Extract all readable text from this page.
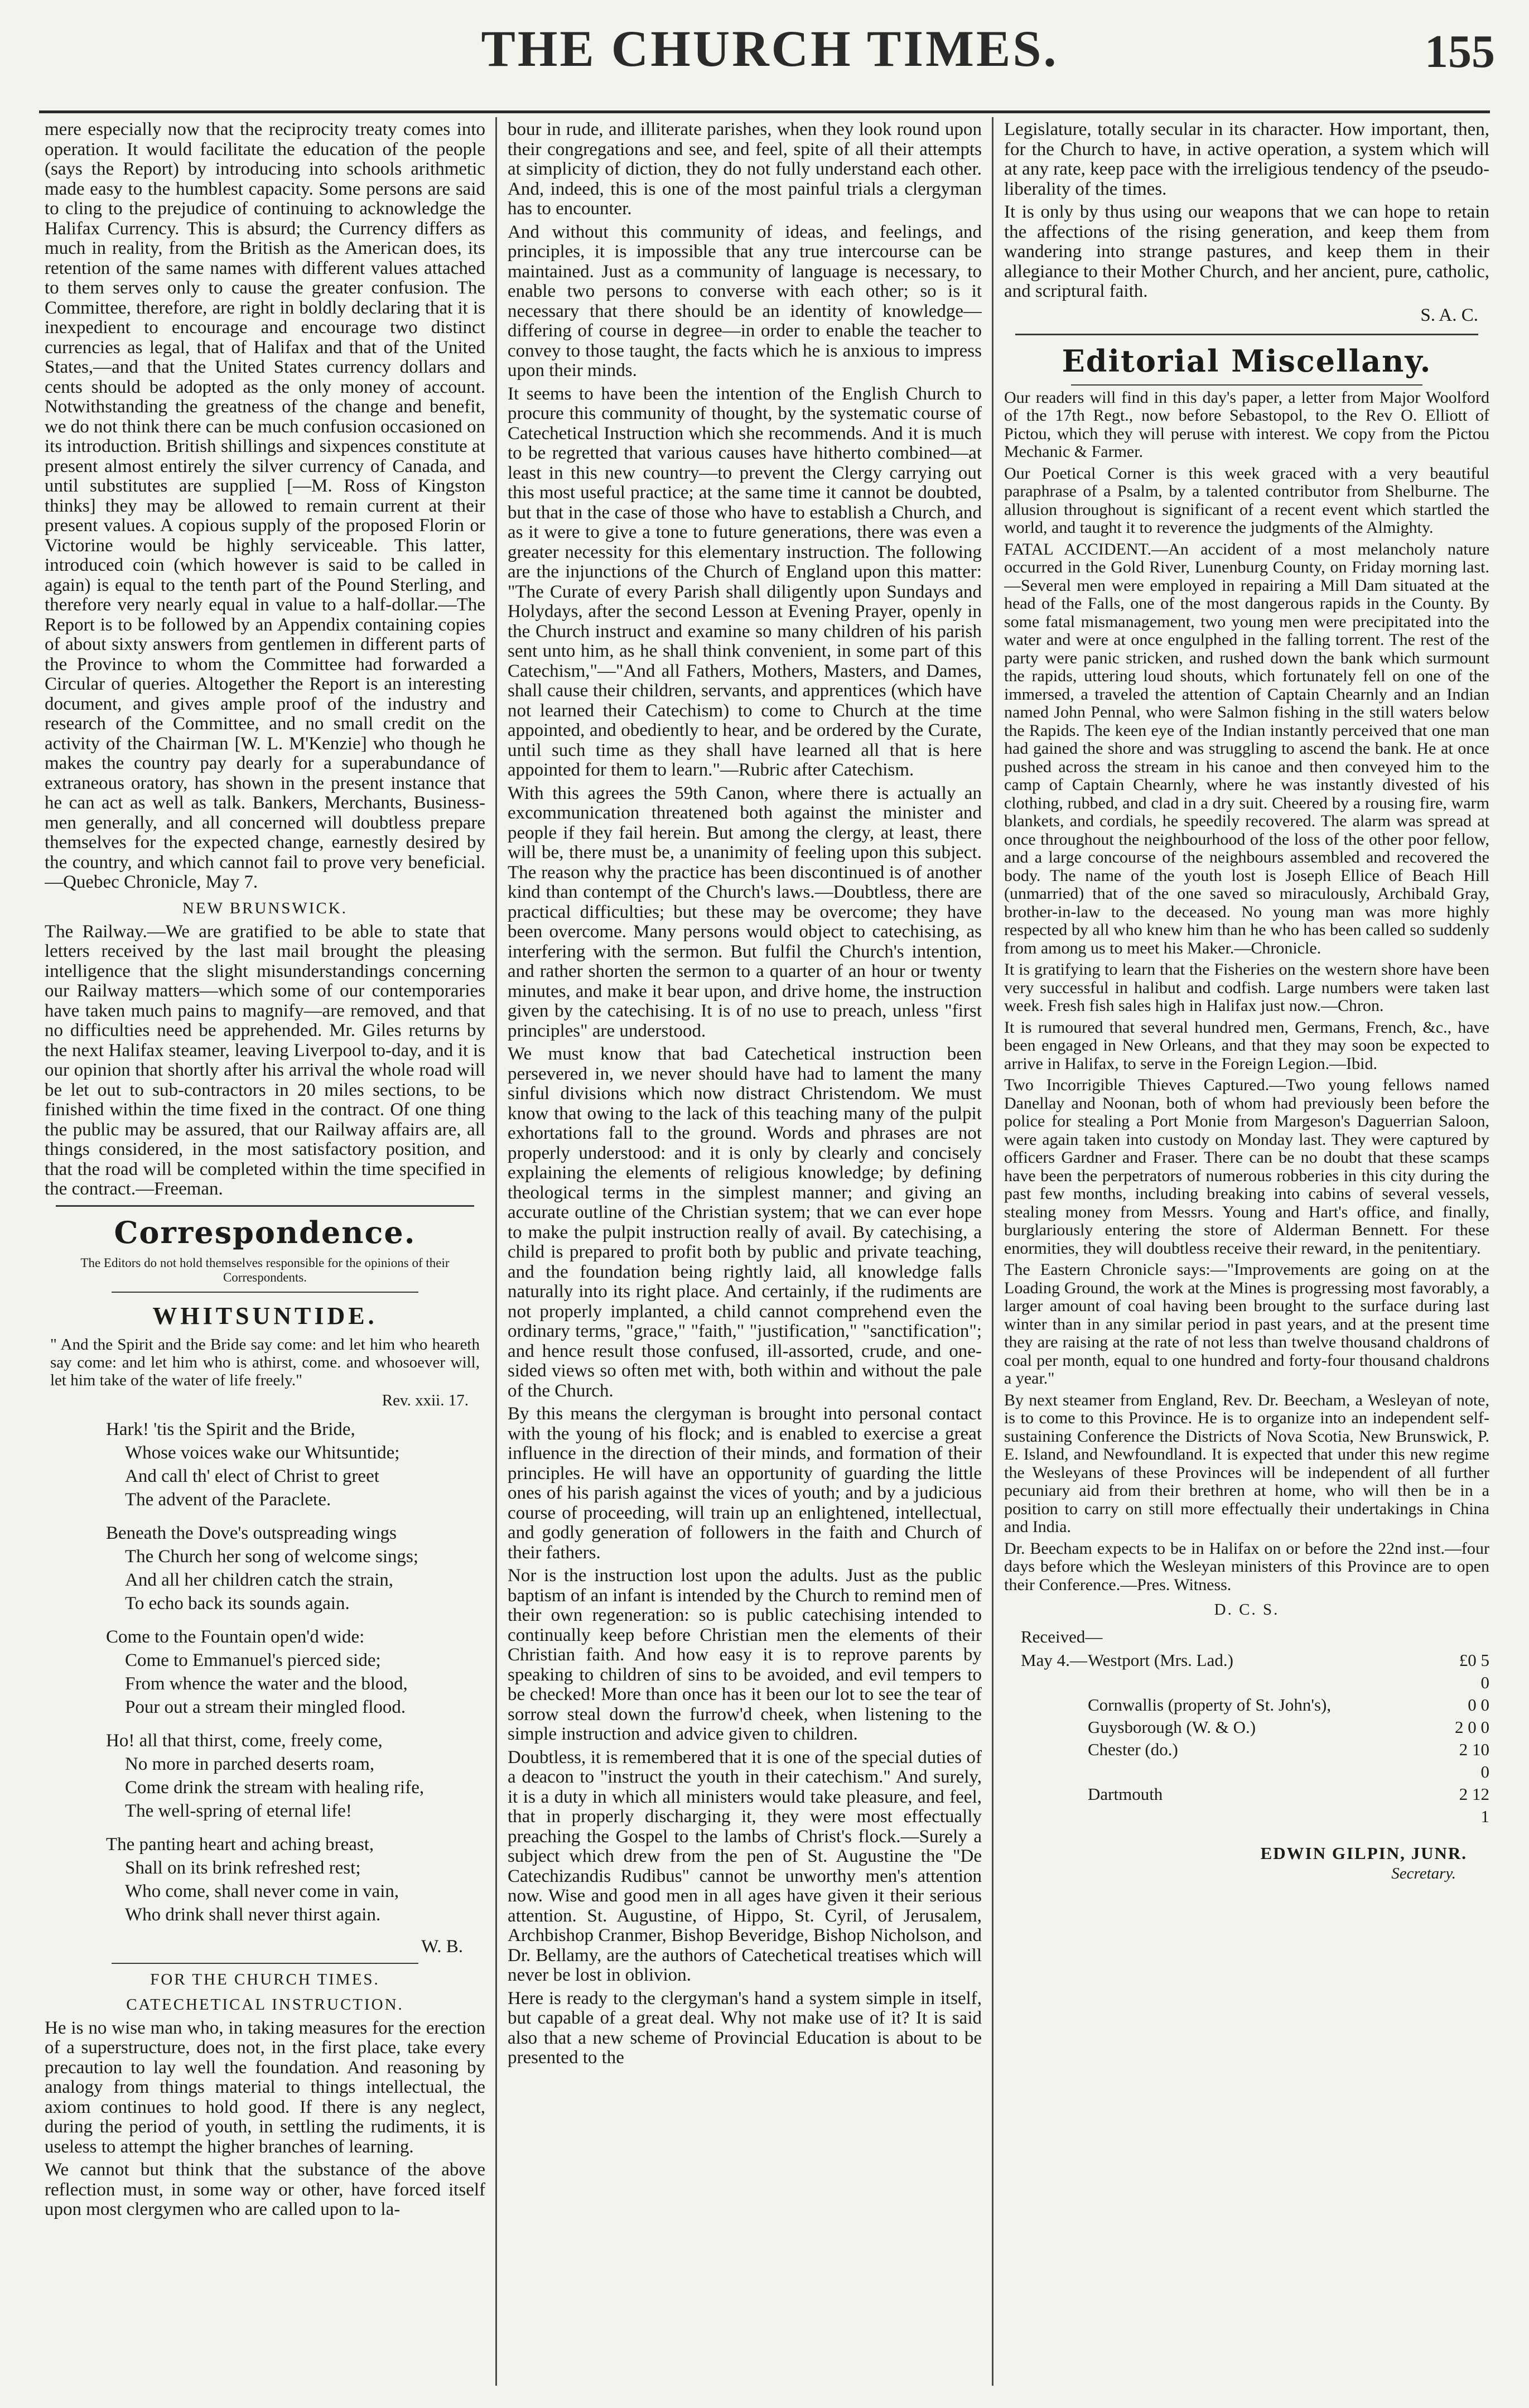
THE CHURCH TIMES.	155

mere especially now that the reciprocity treaty comes into operation. It would facilitate the education of the people (says the Report) by introducing into schools arithmetic made easy to the humblest capacity. Some persons are said to cling to the prejudice of continuing to acknowledge the Halifax Currency. This is absurd; the Currency differs as much in reality, from the British as the American does, its retention of the same names with different values attached to them serves only to cause the greater confusion. The Committee, therefore, are right in boldly declaring that it is inexpedient to encourage and encourage two distinct currencies as legal, that of Halifax and that of the United States,—and that the United States currency dollars and cents should be adopted as the only money of account. Notwithstanding the greatness of the change and benefit, we do not think there can be much confusion occasioned on its introduction. British shillings and sixpences constitute at present almost entirely the silver currency of Canada, and until substitutes are supplied [—M. Ross of Kingston thinks] they may be allowed to remain current at their present values. A copious supply of the proposed Florin or Victorine would be highly serviceable. This latter, introduced coin (which however is said to be called in again) is equal to the tenth part of the Pound Sterling, and therefore very nearly equal in value to a half-dollar.—The Report is to be followed by an Appendix containing copies of about sixty answers from gentlemen in different parts of the Province to whom the Committee had forwarded a Circular of queries. Altogether the Report is an interesting document, and gives ample proof of the industry and research of the Committee, and no small credit on the activity of the Chairman [W. L. M'Kenzie] who though he makes the country pay dearly for a superabundance of extraneous oratory, has shown in the present instance that he can act as well as talk. Bankers, Merchants, Business-men generally, and all concerned will doubtless prepare themselves for the expected change, earnestly desired by the country, and which cannot fail to prove very beneficial.—Quebec Chronicle, May 7.

NEW BRUNSWICK.

The Railway.—We are gratified to be able to state that letters received by the last mail brought the pleasing intelligence that the slight misunderstandings concerning our Railway matters—which some of our contemporaries have taken much pains to magnify—are removed, and that no difficulties need be apprehended. Mr. Giles returns by the next Halifax steamer, leaving Liverpool to-day, and it is our opinion that shortly after his arrival the whole road will be let out to sub-contractors in 20 miles sections, to be finished within the time fixed in the contract. Of one thing the public may be assured, that our Railway affairs are, all things considered, in the most satisfactory position, and that the road will be completed within the time specified in the contract.—Freeman.

Correspondence.
The Editors do not hold themselves responsible for the opinions of their Correspondents.
WHITSUNTIDE.
" And the Spirit and the Bride say come: and let him who heareth say come: and let him who is athirst, come. and whosoever will, let him take of the water of life freely."
Rev. xxii. 17.
Hark! 'tis the Spirit and the Bride,
Whose voices wake our Whitsuntide;
And call th' elect of Christ to greet
The advent of the Paraclete.
Beneath the Dove's outspreading wings
The Church her song of welcome sings;
And all her children catch the strain,
To echo back its sounds again.
Come to the Fountain open'd wide:
Come to Emmanuel's pierced side;
From whence the water and the blood,
Pour out a stream their mingled flood.
Ho! all that thirst, come, freely come,
No more in parched deserts roam,
Come drink the stream with healing rife,
The well-spring of eternal life!
The panting heart and aching breast,
Shall on its brink refreshed rest;
Who come, shall never come in vain,
Who drink shall never thirst again.
W. B.
FOR THE CHURCH TIMES.
CATECHETICAL INSTRUCTION.

He is no wise man who, in taking measures for the erection of a superstructure, does not, in the first place, take every precaution to lay well the foundation. And reasoning by analogy from things material to things intellectual, the axiom continues to hold good. If there is any neglect, during the period of youth, in settling the rudiments, it is useless to attempt the higher branches of learning.

We cannot but think that the substance of the above reflection must, in some way or other, have forced itself upon most clergymen who are called upon to la-

bour in rude, and illiterate parishes, when they look round upon their congregations and see, and feel, spite of all their attempts at simplicity of diction, they do not fully understand each other. And, indeed, this is one of the most painful trials a clergyman has to encounter.

And without this community of ideas, and feelings, and principles, it is impossible that any true intercourse can be maintained. Just as a community of language is necessary, to enable two persons to converse with each other; so is it necessary that there should be an identity of knowledge—differing of course in degree—in order to enable the teacher to convey to those taught, the facts which he is anxious to impress upon their minds.

It seems to have been the intention of the English Church to procure this community of thought, by the systematic course of Catechetical Instruction which she recommends. And it is much to be regretted that various causes have hitherto combined—at least in this new country—to prevent the Clergy carrying out this most useful practice; at the same time it cannot be doubted, but that in the case of those who have to establish a Church, and as it were to give a tone to future generations, there was even a greater necessity for this elementary instruction. The following are the injunctions of the Church of England upon this matter: "The Curate of every Parish shall diligently upon Sundays and Holydays, after the second Lesson at Evening Prayer, openly in the Church instruct and examine so many children of his parish sent unto him, as he shall think convenient, in some part of this Catechism,"—"And all Fathers, Mothers, Masters, and Dames, shall cause their children, servants, and apprentices (which have not learned their Catechism) to come to Church at the time appointed, and obediently to hear, and be ordered by the Curate, until such time as they shall have learned all that is here appointed for them to learn."—Rubric after Catechism.

With this agrees the 59th Canon, where there is actually an excommunication threatened both against the minister and people if they fail herein. But among the clergy, at least, there will be, there must be, a unanimity of feeling upon this subject. The reason why the practice has been discontinued is of another kind than contempt of the Church's laws.—Doubtless, there are practical difficulties; but these may be overcome; they have been overcome. Many persons would object to catechising, as interfering with the sermon. But fulfil the Church's intention, and rather shorten the sermon to a quarter of an hour or twenty minutes, and make it bear upon, and drive home, the instruction given by the catechising. It is of no use to preach, unless "first principles" are understood.

We must know that bad Catechetical instruction been persevered in, we never should have had to lament the many sinful divisions which now distract Christendom. We must know that owing to the lack of this teaching many of the pulpit exhortations fall to the ground. Words and phrases are not properly understood: and it is only by clearly and concisely explaining the elements of religious knowledge; by defining theological terms in the simplest manner; and giving an accurate outline of the Christian system; that we can ever hope to make the pulpit instruction really of avail. By catechising, a child is prepared to profit both by public and private teaching, and the foundation being rightly laid, all knowledge falls naturally into its right place. And certainly, if the rudiments are not properly implanted, a child cannot comprehend even the ordinary terms, "grace," "faith," "justification," "sanctification"; and hence result those confused, ill-assorted, crude, and one-sided views so often met with, both within and without the pale of the Church.

By this means the clergyman is brought into personal contact with the young of his flock; and is enabled to exercise a great influence in the direction of their minds, and formation of their principles. He will have an opportunity of guarding the little ones of his parish against the vices of youth; and by a judicious course of proceeding, will train up an enlightened, intellectual, and godly generation of followers in the faith and Church of their fathers.

Nor is the instruction lost upon the adults. Just as the public baptism of an infant is intended by the Church to remind men of their own regeneration: so is public catechising intended to continually keep before Christian men the elements of their Christian faith. And how easy it is to reprove parents by speaking to children of sins to be avoided, and evil tempers to be checked! More than once has it been our lot to see the tear of sorrow steal down the furrow'd cheek, when listening to the simple instruction and advice given to children.

Doubtless, it is remembered that it is one of the special duties of a deacon to "instruct the youth in their catechism." And surely, it is a duty in which all ministers would take pleasure, and feel, that in properly discharging it, they were most effectually preaching the Gospel to the lambs of Christ's flock.—Surely a subject which drew from the pen of St. Augustine the "De Catechizandis Rudibus" cannot be unworthy men's attention now. Wise and good men in all ages have given it their serious attention. St. Augustine, of Hippo, St. Cyril, of Jerusalem, Archbishop Cranmer, Bishop Beveridge, Bishop Nicholson, and Dr. Bellamy, are the authors of Catechetical treatises which will never be lost in oblivion.

Here is ready to the clergyman's hand a system simple in itself, but capable of a great deal. Why not make use of it? It is said also that a new scheme of Provincial Education is about to be presented to the

Legislature, totally secular in its character. How important, then, for the Church to have, in active operation, a system which will at any rate, keep pace with the irreligious tendency of the pseudo-liberality of the times.

It is only by thus using our weapons that we can hope to retain the affections of the rising generation, and keep them from wandering into strange pastures, and keep them in their allegiance to their Mother Church, and her ancient, pure, catholic, and scriptural faith.

S. A. C.
Editorial Miscellany.

Our readers will find in this day's paper, a letter from Major Woolford of the 17th Regt., now before Sebastopol, to the Rev O. Elliott of Pictou, which they will peruse with interest. We copy from the Pictou Mechanic & Farmer.

Our Poetical Corner is this week graced with a very beautiful paraphrase of a Psalm, by a talented contributor from Shelburne. The allusion throughout is significant of a recent event which startled the world, and taught it to reverence the judgments of the Almighty.

FATAL ACCIDENT.—An accident of a most melancholy nature occurred in the Gold River, Lunenburg County, on Friday morning last.—Several men were employed in repairing a Mill Dam situated at the head of the Falls, one of the most dangerous rapids in the County. By some fatal mismanagement, two young men were precipitated into the water and were at once engulphed in the falling torrent. The rest of the party were panic stricken, and rushed down the bank which surmount the rapids, uttering loud shouts, which fortunately fell on one of the immersed, a traveled the attention of Captain Chearnly and an Indian named John Pennal, who were Salmon fishing in the still waters below the Rapids. The keen eye of the Indian instantly perceived that one man had gained the shore and was struggling to ascend the bank. He at once pushed across the stream in his canoe and then conveyed him to the camp of Captain Chearnly, where he was instantly divested of his clothing, rubbed, and clad in a dry suit. Cheered by a rousing fire, warm blankets, and cordials, he speedily recovered. The alarm was spread at once throughout the neighbourhood of the loss of the other poor fellow, and a large concourse of the neighbours assembled and recovered the body. The name of the youth lost is Joseph Ellice of Beach Hill (unmarried) that of the one saved so miraculously, Archibald Gray, brother-in-law to the deceased. No young man was more highly respected by all who knew him than he who has been called so suddenly from among us to meet his Maker.—Chronicle.

It is gratifying to learn that the Fisheries on the western shore have been very successful in halibut and codfish. Large numbers were taken last week. Fresh fish sales high in Halifax just now.—Chron.

It is rumoured that several hundred men, Germans, French, &c., have been engaged in New Orleans, and that they may soon be expected to arrive in Halifax, to serve in the Foreign Legion.—Ibid.

Two Incorrigible Thieves Captured.—Two young fellows named Danellay and Noonan, both of whom had previously been before the police for stealing a Port Monie from Margeson's Daguerrian Saloon, were again taken into custody on Monday last. They were captured by officers Gardner and Fraser. There can be no doubt that these scamps have been the perpetrators of numerous robberies in this city during the past few months, including breaking into cabins of several vessels, stealing money from Messrs. Young and Hart's office, and finally, burglariously entering the store of Alderman Bennett. For these enormities, they will doubtless receive their reward, in the penitentiary.

The Eastern Chronicle says:—"Improvements are going on at the Loading Ground, the work at the Mines is progressing most favorably, a larger amount of coal having been brought to the surface during last winter than in any similar period in past years, and at the present time they are raising at the rate of not less than twelve thousand chaldrons of coal per month, equal to one hundred and forty-four thousand chaldrons a year."

By next steamer from England, Rev. Dr. Beecham, a Wesleyan of note, is to come to this Province. He is to organize into an independent self-sustaining Conference the Districts of Nova Scotia, New Brunswick, P. E. Island, and Newfoundland. It is expected that under this new regime the Wesleyans of these Provinces will be independent of all further pecuniary aid from their brethren at home, who will then be in a position to carry on still more effectually their undertakings in China and India.

Dr. Beecham expects to be in Halifax on or before the 22nd inst.—four days before which the Wesleyan ministers of this Province are to open their Conference.—Pres. Witness.

D. C. S.
Received—
May 4.— Westport (Mrs. Lad.)	£0 5 0
Cornwallis (property of St. John's),	0 0
Guysborough (W. & O.)	2 0 0
Chester (do.)	2 10 0
Dartmouth	2 12 1
EDWIN GILPIN, JUNR.
Secretary.
